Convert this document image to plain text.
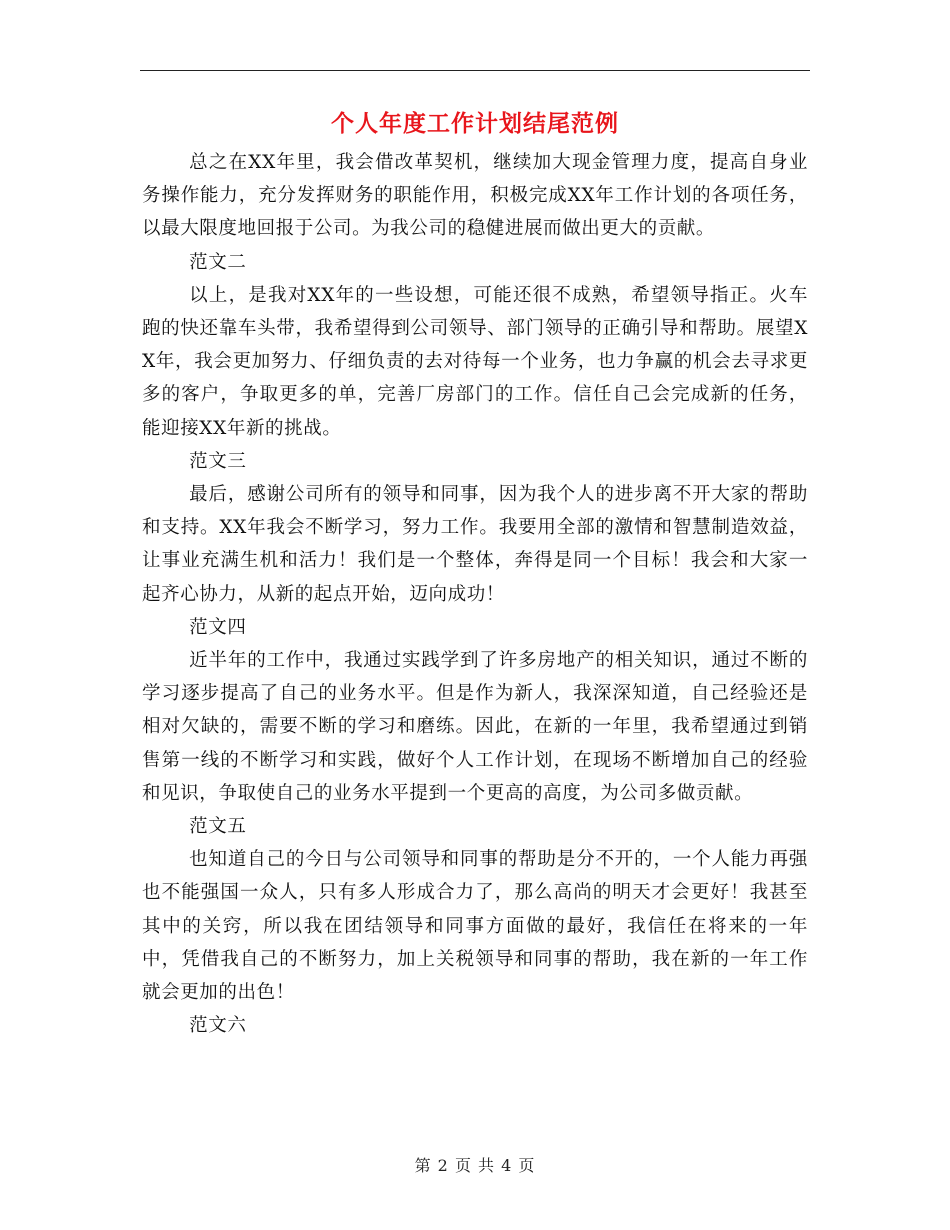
个人年度工作计划结尾范例

总之在XX年里，我会借改革契机，继续加大现金管理力度，提高自身业务操作能力，充分发挥财务的职能作用，积极完成XX年工作计划的各项任务，以最大限度地回报于公司。为我公司的稳健进展而做出更大的贡献。

范文二

以上，是我对XX年的一些设想，可能还很不成熟，希望领导指正。火车跑的快还靠车头带，我希望得到公司领导、部门领导的正确引导和帮助。展望XX年，我会更加努力、仔细负责的去对待每一个业务，也力争赢的机会去寻求更多的客户，争取更多的单，完善厂房部门的工作。信任自己会完成新的任务，能迎接XX年新的挑战。

范文三

最后，感谢公司所有的领导和同事，因为我个人的进步离不开大家的帮助和支持。XX年我会不断学习，努力工作。我要用全部的激情和智慧制造效益，让事业充满生机和活力！我们是一个整体，奔得是同一个目标！我会和大家一起齐心协力，从新的起点开始，迈向成功！

范文四

近半年的工作中，我通过实践学到了许多房地产的相关知识，通过不断的学习逐步提高了自己的业务水平。但是作为新人，我深深知道，自己经验还是相对欠缺的，需要不断的学习和磨练。因此，在新的一年里，我希望通过到销售第一线的不断学习和实践，做好个人工作计划，在现场不断增加自己的经验和见识，争取使自己的业务水平提到一个更高的高度，为公司多做贡献。

范文五

也知道自己的今日与公司领导和同事的帮助是分不开的，一个人能力再强也不能强国一众人，只有多人形成合力了，那么高尚的明天才会更好！我甚至其中的关窍，所以我在团结领导和同事方面做的最好，我信任在将来的一年中，凭借我自己的不断努力，加上关税领导和同事的帮助，我在新的一年工作就会更加的出色！

范文六

第 2 页 共 4 页
